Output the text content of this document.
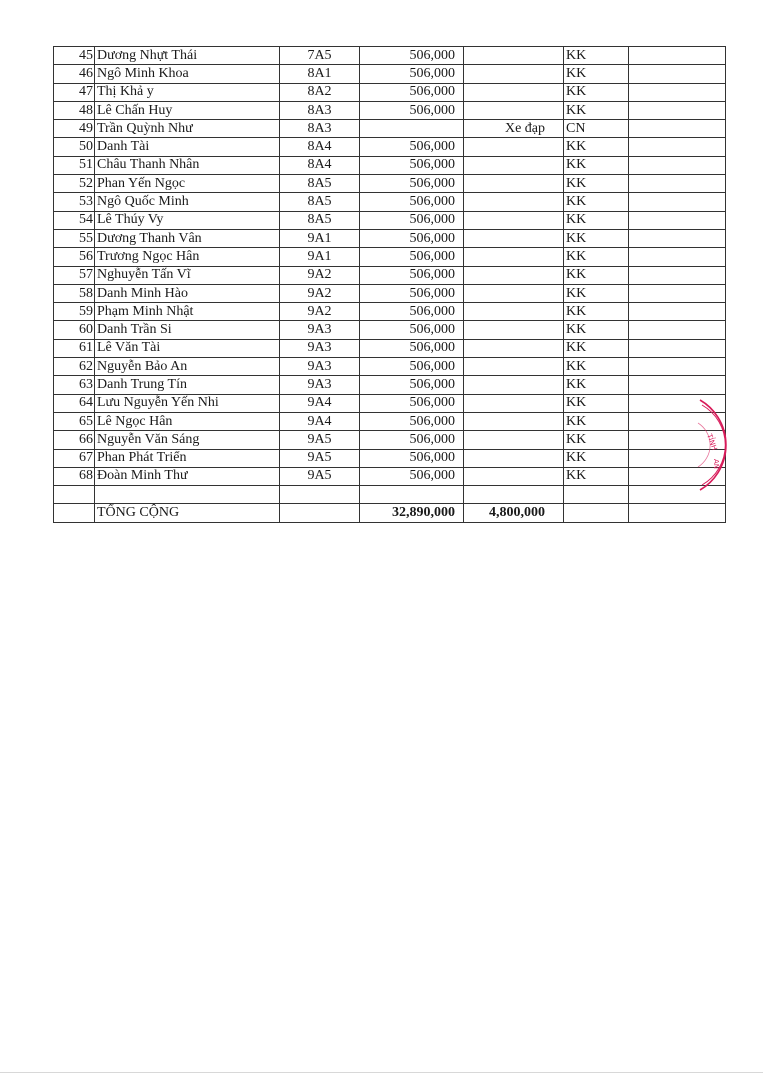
45	Dương Nhựt Thái	7A5	506,000		KK	
46	Ngô Minh Khoa	8A1	506,000		KK	
47	Thị Khả y	8A2	506,000		KK	
48	Lê Chấn Huy	8A3	506,000		KK	
49	Trần Quỳnh Như	8A3		Xe đạp	CN	
50	Danh Tài	8A4	506,000		KK	
51	Châu Thanh Nhân	8A4	506,000		KK	
52	Phan Yến Ngọc	8A5	506,000		KK	
53	Ngô Quốc Minh	8A5	506,000		KK	
54	Lê Thúy Vy	8A5	506,000		KK	
55	Dương Thanh Vân	9A1	506,000		KK	
56	Trương Ngọc Hân	9A1	506,000		KK	
57	Nghuyễn Tấn Vĩ	9A2	506,000		KK	
58	Danh Minh Hào	9A2	506,000		KK	
59	Phạm Minh Nhật	9A2	506,000		KK	
60	Danh Trần Si	9A3	506,000		KK	
61	Lê Văn Tài	9A3	506,000		KK	
62	Nguyễn Bảo An	9A3	506,000		KK	
63	Danh Trung Tín	9A3	506,000		KK	
64	Lưu Nguyễn Yến Nhi	9A4	506,000		KK	
65	Lê Ngọc Hân	9A4	506,000		KK	
66	Nguyễn Văn Sáng	9A5	506,000		KK	
67	Phan Phát Triển	9A5	506,000		KK	
68	Đoàn Minh Thư	9A5	506,000		KK	

	TỔNG CỘNG		32,890,000	4,800,000		
TỈNH
AN
